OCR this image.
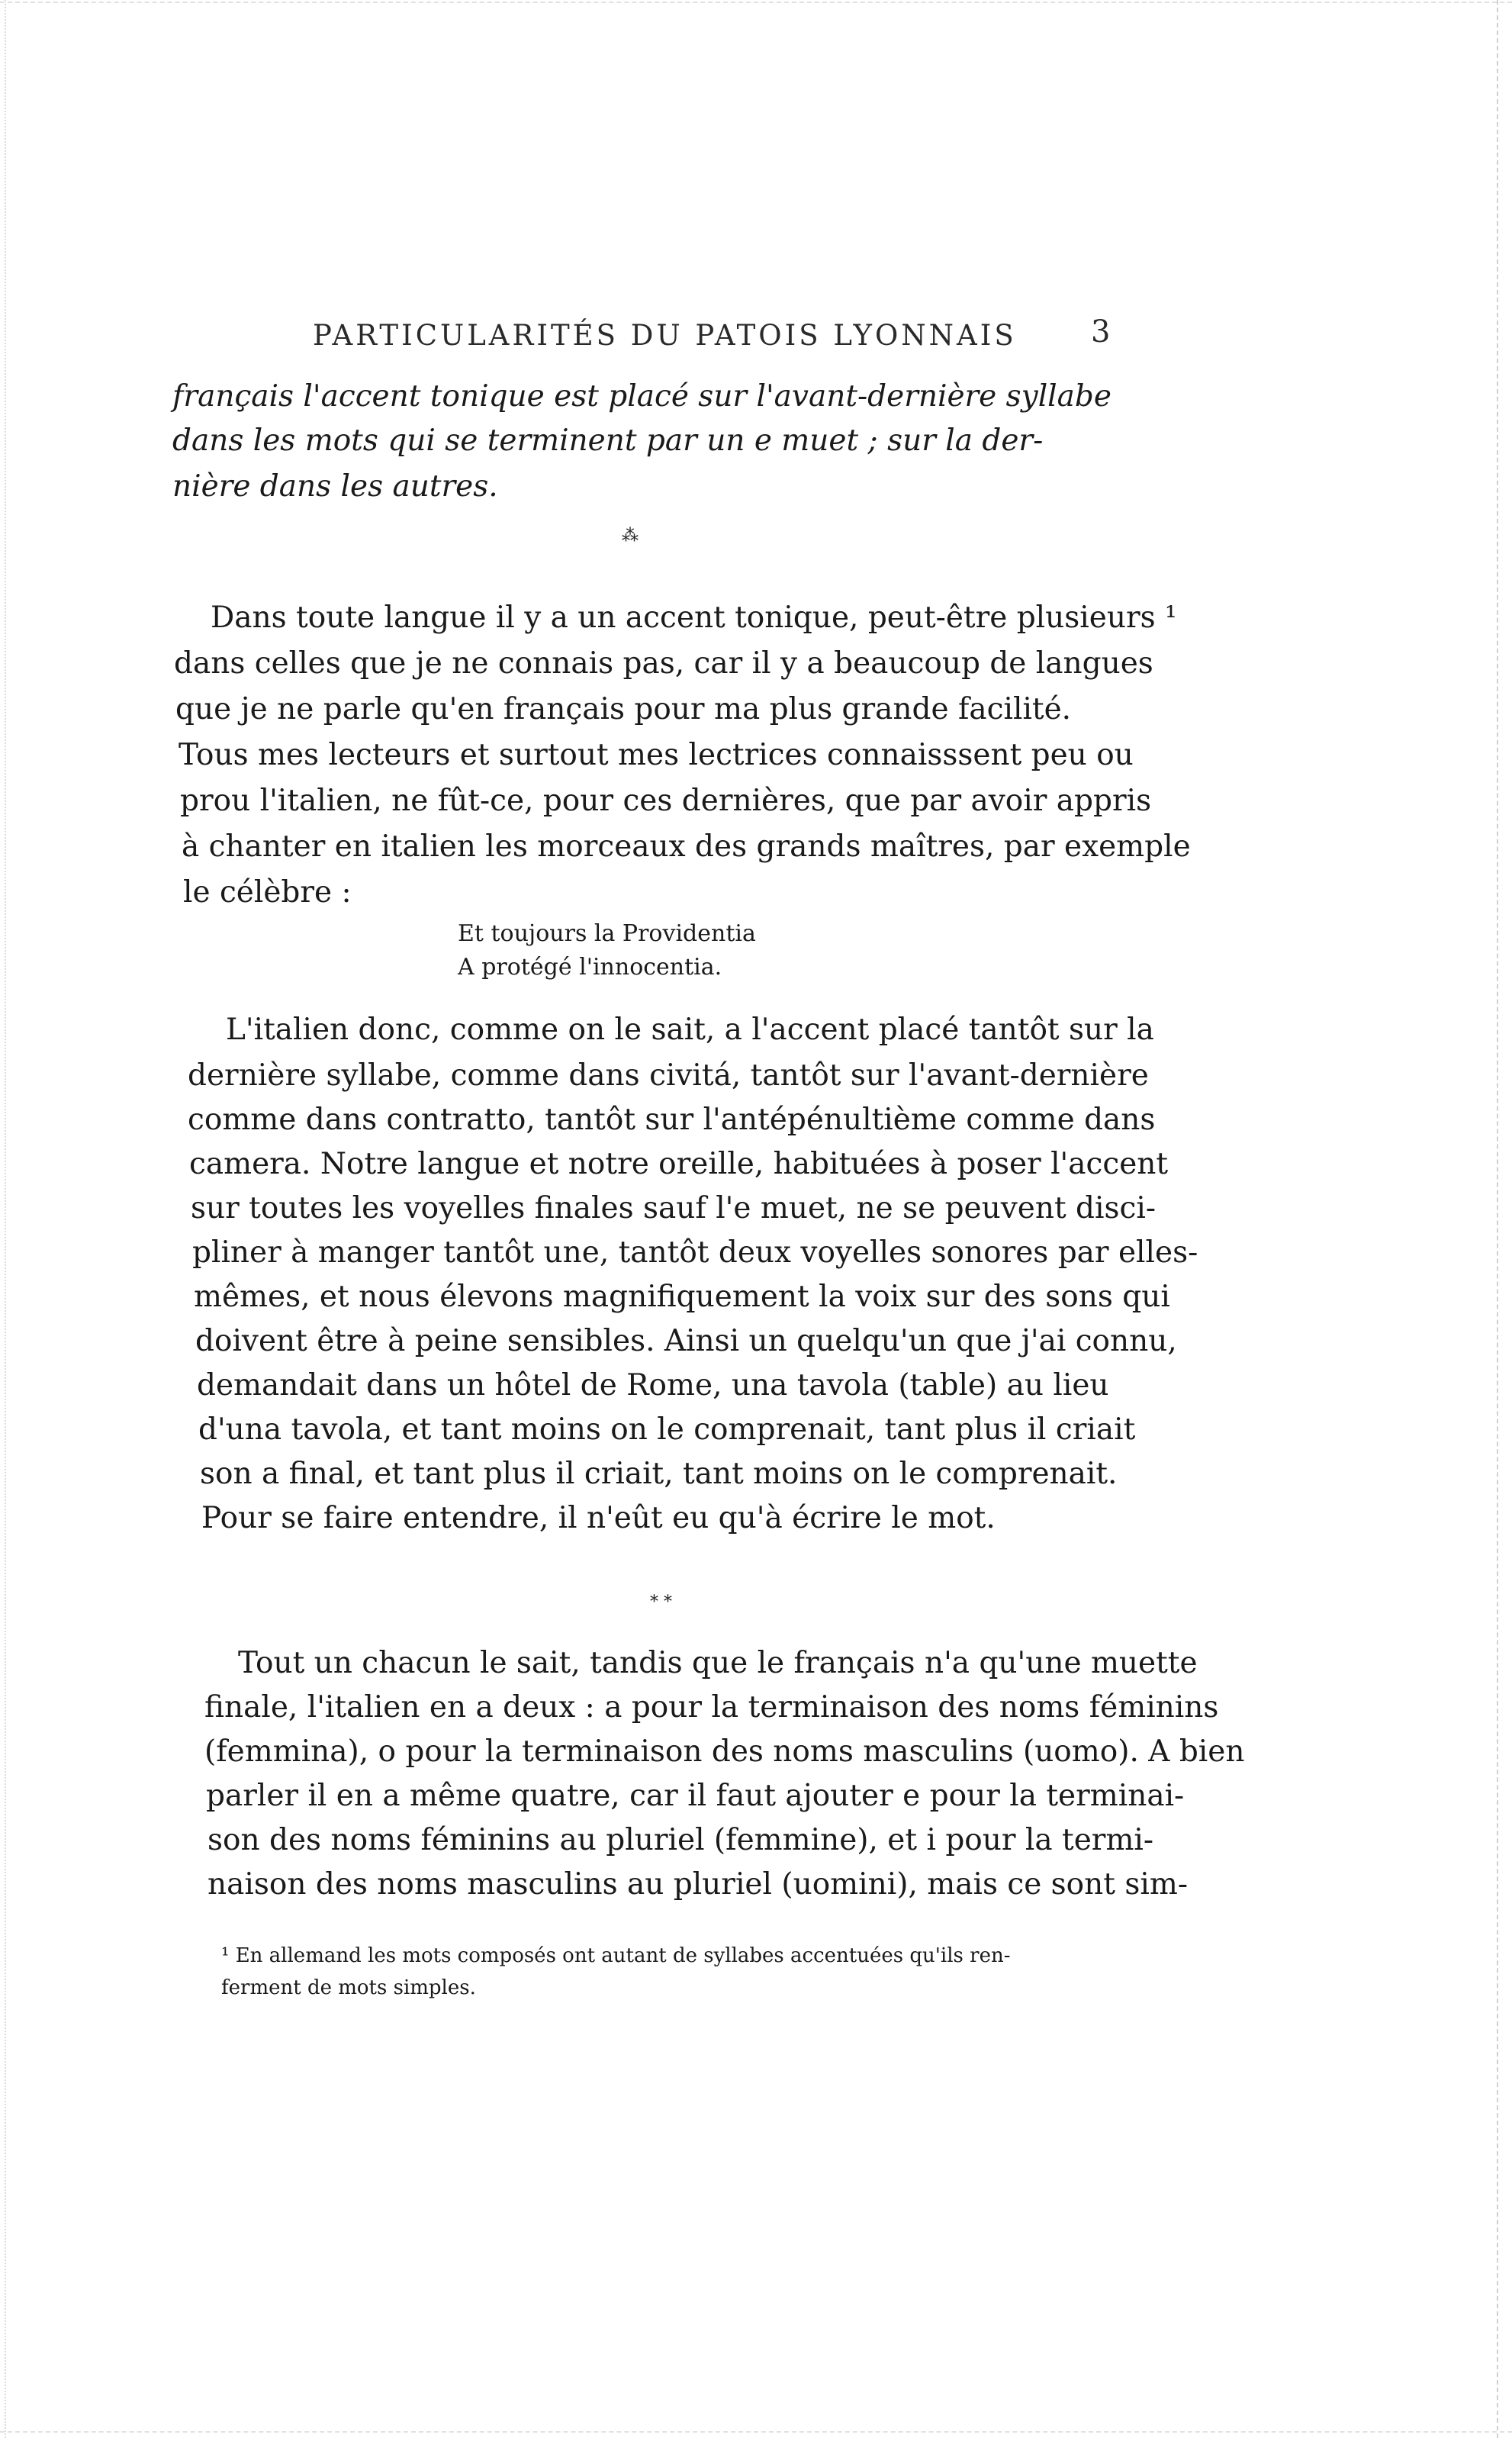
PARTICULARITÉS DU PATOIS LYONNAIS 3
français l'accent tonique est placé sur l'avant-dernière syllabe
dans les mots qui se terminent par un e muet ; sur la der-
nière dans les autres.
⁂
Dans toute langue il y a un accent tonique, peut-être plusieurs ¹
dans celles que je ne connais pas, car il y a beaucoup de langues
que je ne parle qu'en français pour ma plus grande facilité.
Tous mes lecteurs et surtout mes lectrices connaisssent peu ou
prou l'italien, ne fût-ce, pour ces dernières, que par avoir appris
à chanter en italien les morceaux des grands maîtres, par exemple
le célèbre :
Et toujours la Providentia
A protégé l'innocentia.
L'italien donc, comme on le sait, a l'accent placé tantôt sur la
dernière syllabe, comme dans civitá, tantôt sur l'avant-dernière
comme dans contratto, tantôt sur l'antépénultième comme dans
camera. Notre langue et notre oreille, habituées à poser l'accent
sur toutes les voyelles finales sauf l'e muet, ne se peuvent disci-
pliner à manger tantôt une, tantôt deux voyelles sonores par elles-
mêmes, et nous élevons magnifiquement la voix sur des sons qui
doivent être à peine sensibles. Ainsi un quelqu'un que j'ai connu,
demandait dans un hôtel de Rome, una tavola (table) au lieu
d'una tavola, et tant moins on le comprenait, tant plus il criait
son a final, et tant plus il criait, tant moins on le comprenait.
Pour se faire entendre, il n'eût eu qu'à écrire le mot.
⁎ ⁎
Tout un chacun le sait, tandis que le français n'a qu'une muette
finale, l'italien en a deux : a pour la terminaison des noms féminins
(femmina), o pour la terminaison des noms masculins (uomo). A bien
parler il en a même quatre, car il faut ajouter e pour la terminai-
son des noms féminins au pluriel (femmine), et i pour la termi-
naison des noms masculins au pluriel (uomini), mais ce sont sim-
¹ En allemand les mots composés ont autant de syllabes accentuées qu'ils ren-
ferment de mots simples.
